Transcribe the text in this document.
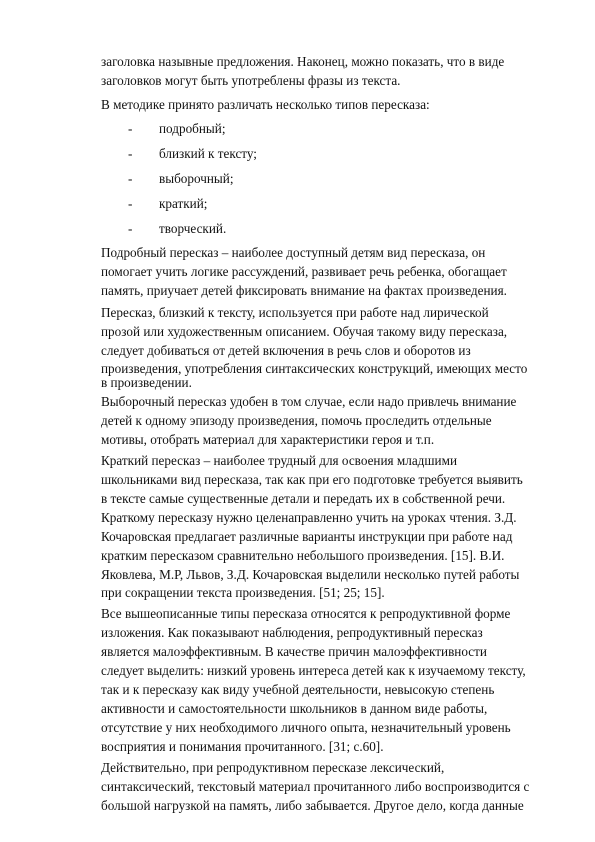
заголовка назывные предложения. Наконец, можно показать, что в виде
заголовков могут быть употреблены фразы из текста.
В методике принято различать несколько типов пересказа:
- подробный;
- близкий к тексту;
- выборочный;
- краткий;
- творческий.
Подробный пересказ – наиболее доступный детям вид пересказа, он
помогает учить логике рассуждений, развивает речь ребенка, обогащает
память, приучает детей фиксировать внимание на фактах произведения.
Пересказ, близкий к тексту, используется при работе над лирической
прозой или художественным описанием. Обучая такому виду пересказа,
следует добиваться от детей включения в речь слов и оборотов из
произведения, употребления синтаксических конструкций, имеющих место
в произведении.
Выборочный пересказ удобен в том случае, если надо привлечь внимание
детей к одному эпизоду произведения, помочь проследить отдельные
мотивы, отобрать материал для характеристики героя и т.п.
Краткий пересказ – наиболее трудный для освоения младшими
школьниками вид пересказа, так как при его подготовке требуется выявить
в тексте самые существенные детали и передать их в собственной речи.
Краткому пересказу нужно целенаправленно учить на уроках чтения. З.Д.
Кочаровская предлагает различные варианты инструкции при работе над
кратким пересказом сравнительно небольшого произведения. [15]. В.И.
Яковлева, М.Р, Львов, З.Д. Кочаровская выделили несколько путей работы
при сокращении текста произведения. [51; 25; 15].
Все вышеописанные типы пересказа относятся к репродуктивной форме
изложения. Как показывают наблюдения, репродуктивный пересказ
является малоэффективным. В качестве причин малоэффективности
следует выделить: низкий уровень интереса детей как к изучаемому тексту,
так и к пересказу как виду учебной деятельности, невысокую степень
активности и самостоятельности школьников в данном виде работы,
отсутствие у них необходимого личного опыта, незначительный уровень
восприятия и понимания прочитанного. [31; с.60].
Действительно, при репродуктивном пересказе лексический,
синтаксический, текстовый материал прочитанного либо воспроизводится с
большой нагрузкой на память, либо забывается. Другое дело, когда данные
